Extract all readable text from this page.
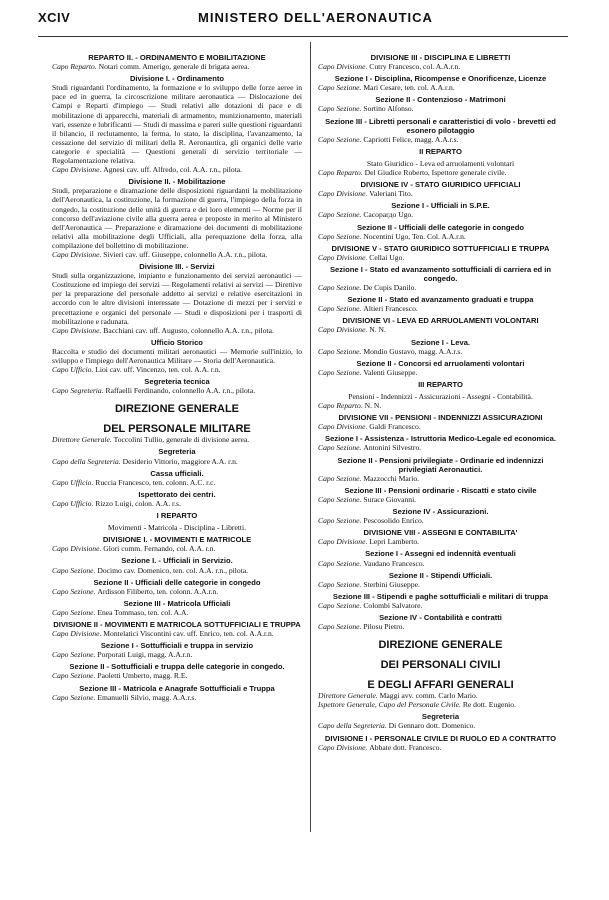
XCIV	MINISTERO DELL'AERONAUTICA
REPARTO II. - ORDINAMENTO E MOBILITAZIONE
Capo Reparto. Notari comm. Amerigo, generale di brigata aerea.
Divisione I. - Ordinamento
Studi riguardanti l'ordinamento, la formazione e lo sviluppo delle forze aeree in pace ed in guerra, la circoscrizione militare aeronautica — Dislocazione dei Campi e Reparti d'impiego — Studi relativi alle dotazioni di pace e di mobilitazione di apparecchi, materiali di armamento, munizionamento, materiali vari, essenze e lubrificanti — Studi di massima e pareri sulle questioni riguardanti il bilancio, il reclutamento, la ferma, lo stato, la disciplina, l'avanzamento, la cessazione del servizio di militari della R. Aeronautica, gli organici delle varie categorie e specialità — Questioni generali di servizio territoriale — Regolamentazione relativa.
Capo Divisione. Agnesi cav. uff. Alfredo, col. A.A. r.n., pilota.
Divisione II. - Mobilitazione
Studi, preparazione e diramazione delle disposizioni riguardanti la mobilitazione dell'Aeronautica, la costituzione, la formazione di guerra, l'impiego della forza in congedo, la costituzione delle unità di guerra e dei loro elementi — Norme per il concorso dell'aviazione civile alla guerra aerea e proposte in merito al Ministero dell'Aeronautica — Preparazione e diramazione dei documenti di mobilitazione relativi alla mobilitazione degli Ufficiali, alla perequazione della forza, alla compilazione del bollettino di mobilitazione.
Capo Divisione. Sivieri cav. uff. Giuseppe, colonnello A.A. r.n., pilota.
Divisione III. - Servizi
Studi sulla organizzazione, impianto e funzionamento dei servizi aeronautici — Costituzione ed impiego dei servizi — Regolamenti relativi ai servizi — Direttive per la preparazione del personale addetto ai servizi e relative esercitazioni in accordo con le altre divisioni interessate — Dotazione di mezzi per i servizi e precettazione e organici del personale — Studi e disposizioni per i trasporti di mobilitazione e radunata.
Capo Divisione. Bacchiani cav. uff. Augusto, colonnello A.A. r.n., pilota.
Ufficio Storico
Raccolta e studio dei documenti militari aeronautici — Memorie sull'inizio, lo sviluppo e l'impiego dell'Aeronautica Militare — Storia dell'Aeronautica.
Capo Ufficio. Lioi cav. uff. Vincenzo, ten. col. A.A. r.n.
Segreteria tecnica
Capo Segreteria. Raffaelli Ferdinando, colonnello A.A. r.n., pilota.
DIREZIONE GENERALE
DEL PERSONALE MILITARE
Direttore Generale. Toccolini Tullio, generale di divisione aerea.
Segreteria
Capo della Segreteria. Desiderio Vittorio, maggiore A.A. r.n.
Cassa ufficiali.
Capo Ufficio. Ruccia Francesco, ten. colonn. A.C. r.c.
Ispettorato dei centri.
Capo Ufficio. Rizzo Luigi, colon. A.A. r.s.
I REPARTO
Movimenti - Matricola - Disciplina - Libretti.
DIVISIONE I. - MOVIMENTI E MATRICOLE
Capo Divisione. Glori comm. Fernando, col. A.A. r.n.
Sezione I. - Ufficiali in Servizio.
Capo Sezione. Docimo cav. Domenico, ten. col. A.A. r.n., pilota.
Sezione II - Ufficiali delle categorie in congedo
Capo Sezione. Ardisson Filiberto, ten. colonn. A.A.r.n.
Sezione III - Matricola Ufficiali
Capo Sezione. Enea Tommaso, ten. col. A.A.
DIVISIONE II - MOVIMENTI E MATRICOLA SOTTUFFICIALI E TRUPPA
Capo Divisione. Montelatici Viscontini cav. uff. Enrico, ten. col. A.A.r.n.
Sezione I - Sottufficiali e truppa in servizio
Capo Sezione. Porporati Luigi, magg. A.A.r.n.
Sezione II - Sottufficiali e truppa delle categorie in congedo.
Capo Sezione. Paoletti Umberto, magg. R.E.
Sezione III - Matricola e Anagrafe Sottufficiali e Truppa
Capo Sezione. Emanuelli Silvio, magg. A.A.r.s.
DIVISIONE III - DISCIPLINA E LIBRETTI
Capo Divisione. Cutry Francesco, col. A.A.r.n.
Sezione I - Disciplina, Ricompense e Onorificenze, Licenze
Capo Sezione. Mari Cesare, ten. col. A.A.r.n.
Sezione II - Contenzioso - Matrimoni
Capo Sezione. Sortino Alfonso.
Sezione III - Libretti personali e caratteristici di volo - brevetti ed esonero pilotaggio
Capo Sezione. Capriotti Felice, magg. A.A.r.s.
II REPARTO
Stato Giuridico - Leva ed arruolamenti volontari
Capo Reparto. Del Giudice Roberto, Ispettore generale civile.
DIVISIONE IV - STATO GIURIDICO UFFICIALI
Capo Divisione. Valeriani Tito.
Sezione I - Ufficiali in S.P.E.
Capo Sezione. Cacoparдо Ugo.
Sezione II - Ufficiali delle categorie in congedo
Capo Sezione. Nocentini Ugo, Ten. Col. A.A.r.n.
DIVISIONE V - STATO GIURIDICO SOTTUFFICIALI E TRUPPA
Capo Divisione. Cellai Ugo.
Sezione I - Stato ed avanzamento sottufficiali di carriera ed in congedo.
Capo Sezione. De Cupis Danilo.
Sezione II - Stato ed avanzamento graduati e truppa
Capo Sezione. Altieri Francesco.
DIVISIONE VI - LEVA ED ARRUOLAMENTI VOLONTARI
Capo Divisione. N. N.
Sezione I - Leva.
Capo Sezione. Mondio Gustavo, magg. A.A.r.s.
Sezione II - Concorsi ed arruolamenti volontari
Capo Sezione. Valenti Giuseppe.
III REPARTO
Pensioni - Indennizzi - Assicurazioni - Assegni - Contabilità.
Capo Reparto. N. N.
DIVISIONE VII - PENSIONI - INDENNIZZI ASSICURAZIONI
Capo Divisione. Galdi Francesco.
Sezione I - Assistenza - Istruttoria Medico-Legale ed economica.
Capo Sezione. Antonini Silvestro.
Sezione II - Pensioni privilegiate - Ordinarie ed indennizzi privilegiati Aeronautici.
Capo Sezione. Mazzocchi Mario.
Sezione III - Pensioni ordinarie - Riscatti e stato civile
Capo Sezione. Surace Giovanni.
Sezione IV - Assicurazioni.
Capo Sezione. Pescosolido Enrico.
DIVISIONE VIII - ASSEGNI E CONTABILITA'
Capo Divisione. Lepri Lamberto.
Sezione I - Assegni ed indennità eventuali
Capo Sezione. Vaudano Francesco.
Sezione II - Stipendi Ufficiali.
Capo Sezione. Sterbini Giuseppe.
Sezione III - Stipendi e paghe sottufficiali e militari di truppa
Capo Sezione. Colombi Salvatore.
Sezione IV - Contabilità e contratti
Capo Sezione. Pilosu Pietro.
DIREZIONE GENERALE
DEI PERSONALI CIVILI
E DEGLI AFFARI GENERALI
Direttore Generale. Maggi avv. comm. Carlo Mario.
Ispettore Generale, Capo del Personale Civile. Re dott. Eugenio.
Segreteria
Capo della Segreteria. Di Gennaro dott. Domenico.
DIVISIONE I - PERSONALE CIVILE DI RUOLO ED A CONTRATTO
Capo Divisione. Abbate dott. Francesco.
